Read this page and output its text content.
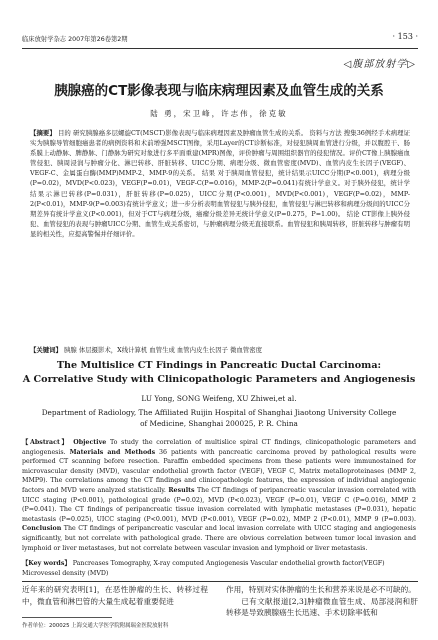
临床放射学杂志 2007年第26卷第2期	· 153 ·
◁腹部放射学▷
胰腺癌的CT影像表现与临床病理因素及血管生成的关系
陆 勇，宋卫峰，许志伟，徐克敏
【摘要】 目的 研究胰腺癌多层螺旋CT(MSCT)影像表现与临床病理因素及肿瘤血管生成的关系。 资料与方法 搜集36例经手术病理证实为胰腺导管细胞癌患者的病例资料和术前增强MSCT图像，采用Layer的CT诊断标准，对侵犯胰周血管进行分级，并以腹腔干、肠系膜上动静脉、脾静脉、门静脉为研究对象进行多平面重建(MPR)图像，评价肿瘤与周围组织器官的侵犯情况。评价CT像上胰腺癌血管侵犯、胰周浸润与肿瘤分化、淋巴转移、肝脏转移、UICC分期、病理分级、微血管密度(MVD)、血管内皮生长因子(VEGF)、VEGF-C、金属蛋白酶(MMP)MMP-2、MMP-9的关系。 结果 对于胰周血管侵犯，统计结果示UICC分期(P<0.001)，病理分级(P=0.02)，MVD(P<0.023)，VEGF(P=0.01)，VEGF-C(P=0.016)，MMP-2(P=0.041)有统计学意义。对于胰外侵犯，统计学结果示淋巴转移(P=0.031)，肝脏转移(P=0.025)，UICC分期(P<0.001)，MVD(P<0.001)，VEGF(P=0.02)，MMP-2(P<0.01)，MMP-9(P=0.003)有统计学意义；进一步分析表明血管侵犯与胰外侵犯，血管侵犯与淋巴转移和病理分级间的UICC分期差异有统计学意义(P<0.001)，但对于CT与病理分级，癌瘤分级差异无统计学意义(P=0.275，P=1.00)。 结论 CT影像上胰外侵犯、血管侵犯的表现与肿瘤UICC分期、血管生成关系密切，与肿瘤病理分级无直接联系。血管侵犯和胰周转移，肝脏转移与肿瘤有明显的相关性，应提高警惕并仔细评价。
【关键词】 胰腺 体层摄影术，X线计算机 血管生成 血管内皮生长因子 微血管密度
The Multislice CT Findings in Pancreatic Ductal Carcinoma:
A Correlative Study with Clinicopathologic Parameters and Angiogenesis
LU Yong, SONG Weifeng, XU Zhiwei,et al.
Department of Radiology, The Affiliated Ruijin Hospital of Shanghai Jiaotong University College of Medicine, Shanghai 200025, P. R. China
【Abstract】 Objective To study the correlation of multislice spiral CT findings, clinicopathologic parameters and angiogenesis. Materials and Methods 36 patients with pancreatic carcinoma proved by pathological results were performed CT scanning before resection. Paraffin embedded specimens from these patients were immunostained for microvascular density (MVD), vascular endothelial growth factor (VEGF), VEGF C, Matrix metalloproteinases (MMP 2, MMP9). The correlations among the CT findings and clinicopathologic features, the expression of individual angiogenic factors and MVD were analyzed statistically. Results The CT findings of peripancreatic vascular invasion correlated with UICC staging (P<0.001), pathological grade (P=0.02), MVD (P<0.023), VEGF (P=0.01), VEGF C (P=0.016), MMP 2 (P=0.041). The CT findings of peripancreatic tissue invasion correlated with lymphatic metastases (P=0.031), hepatic metastasis (P=0.025), UICC staging (P<0.001), MVD (P<0.001), VEGF (P=0.02), MMP 2 (P<0.01), MMP 9 (P=0.003). Conclusion The CT findings of peripancreatic vascular and local invasion correlate with UICC staging and angiogenesis significantly, but not correlate with pathological grade. There are obvious correlation between tumor local invasion and lymphoid or liver metastases, but not correlate between vascular invasion and lymphoid or liver metastasis.
【Key words】 Pancreases Tomography, X-ray computed Angiogenesis Vascular endothelial growth factor(VEGF) Microvessel density (MVD)
近年来的研究表明[1]，在恶性肿瘤的生长、转移过程中，微血管和淋巴管的大量生成起着重要促进
作者单位：200025 上海交通大学医学院附属瑞金医院放射科
作用，特别对实体肿瘤的生长和营养来说是必不可缺的。
已有文献报道[2,3]肿瘤微血管生成、局部浸润和肝转移是导致胰腺癌生长迅速、手术切除率低和
